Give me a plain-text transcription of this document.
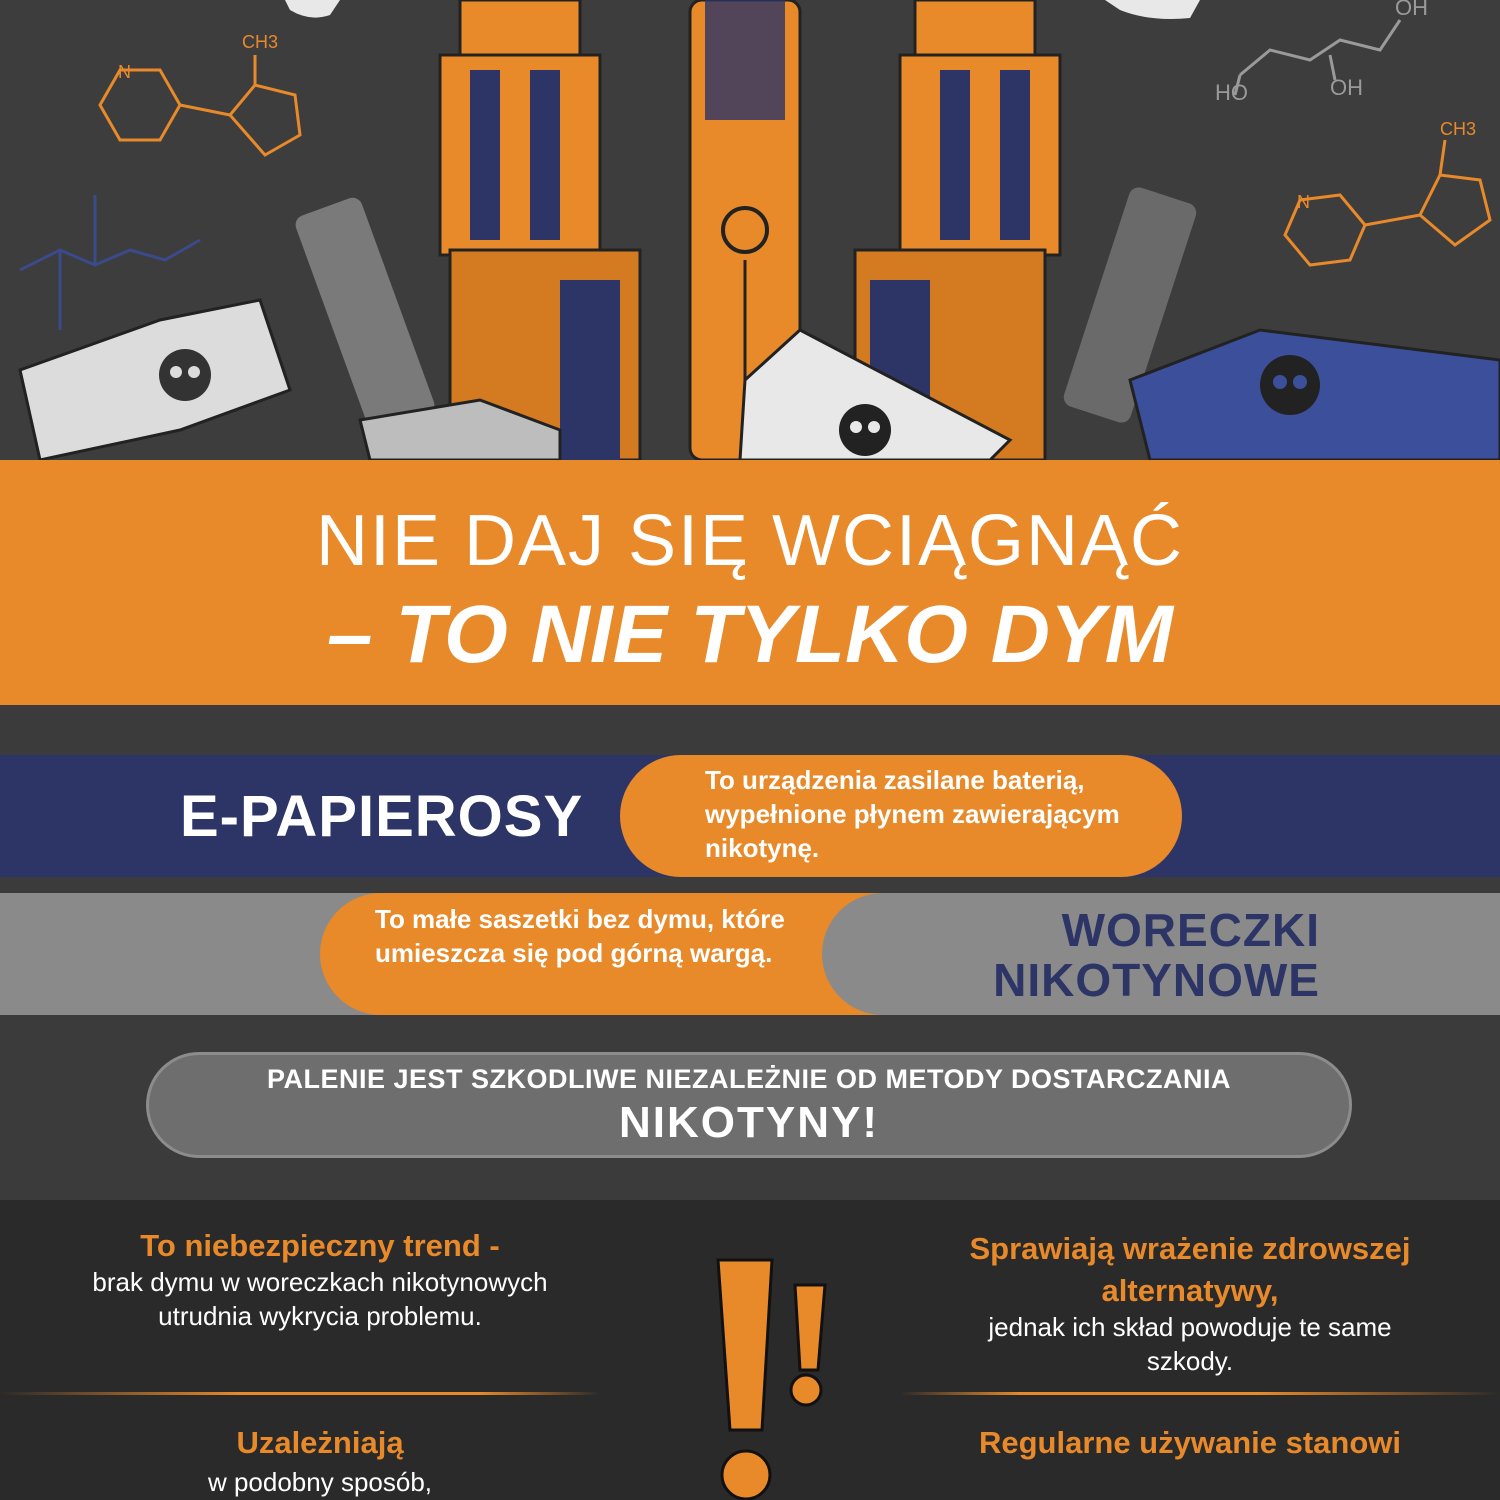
N
CH3
N
CH3
HO	OH
OH
NIE DAJ SIĘ WCIĄGNĄĆ
– TO NIE TYLKO DYM
E-PAPIEROSY
To urządzenia zasilane baterią, wypełnione płynem zawierającym nikotynę.
To małe saszetki bez dymu, które umieszcza się pod górną wargą.	WORECZKI NIKOTYNOWE
PALENIE JEST SZKODLIWE NIEZALEŻNIE OD METODY DOSTARCZANIA
NIKOTYNY!
To niebezpieczny trend -
brak dymu w woreczkach nikotynowych utrudnia wykrycia problemu.
Sprawiają wrażenie zdrowszej alternatywy,
jednak ich skład powoduje te same szkody.
Uzależniają
w podobny sposób,
Regularne używanie stanowi
